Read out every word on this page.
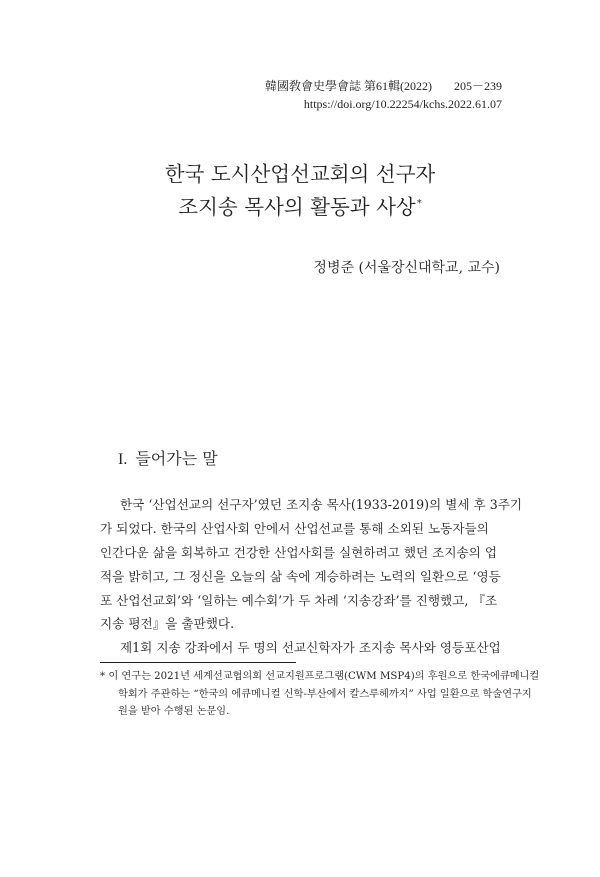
韓國敎會史學會誌 第61輯(2022) 205－239
https://doi.org/10.22254/kchs.2022.61.07
한국 도시산업선교회의 선구자
조지송 목사의 활동과 사상*
정병준 (서울장신대학교, 교수)
I. 들어가는 말
한국 ‘산업선교의 선구자’였던 조지송 목사(1933-2019)의 별세 후 3주기
가 되었다. 한국의 산업사회 안에서 산업선교를 통해 소외된 노동자들의
인간다운 삶을 회복하고 건강한 산업사회를 실현하려고 했던 조지송의 업
적을 밝히고, 그 정신을 오늘의 삶 속에 계승하려는 노력의 일환으로 ‘영등
포 산업선교회’와 ‘일하는 예수회’가 두 차례 ‘지송강좌’를 진행했고, 『조
지송 평전』을 출판했다.
제1회 지송 강좌에서 두 명의 선교신학자가 조지송 목사와 영등포산업
* 이 연구는 2021년 세계선교협의회 선교지원프로그램(CWM MSP4)의 후원으로 한국에큐메니컬
학회가 주관하는 “한국의 에큐메니컬 신학-부산에서 칼스루헤까지” 사업 일환으로 학술연구지
원을 받아 수행된 논문임.
